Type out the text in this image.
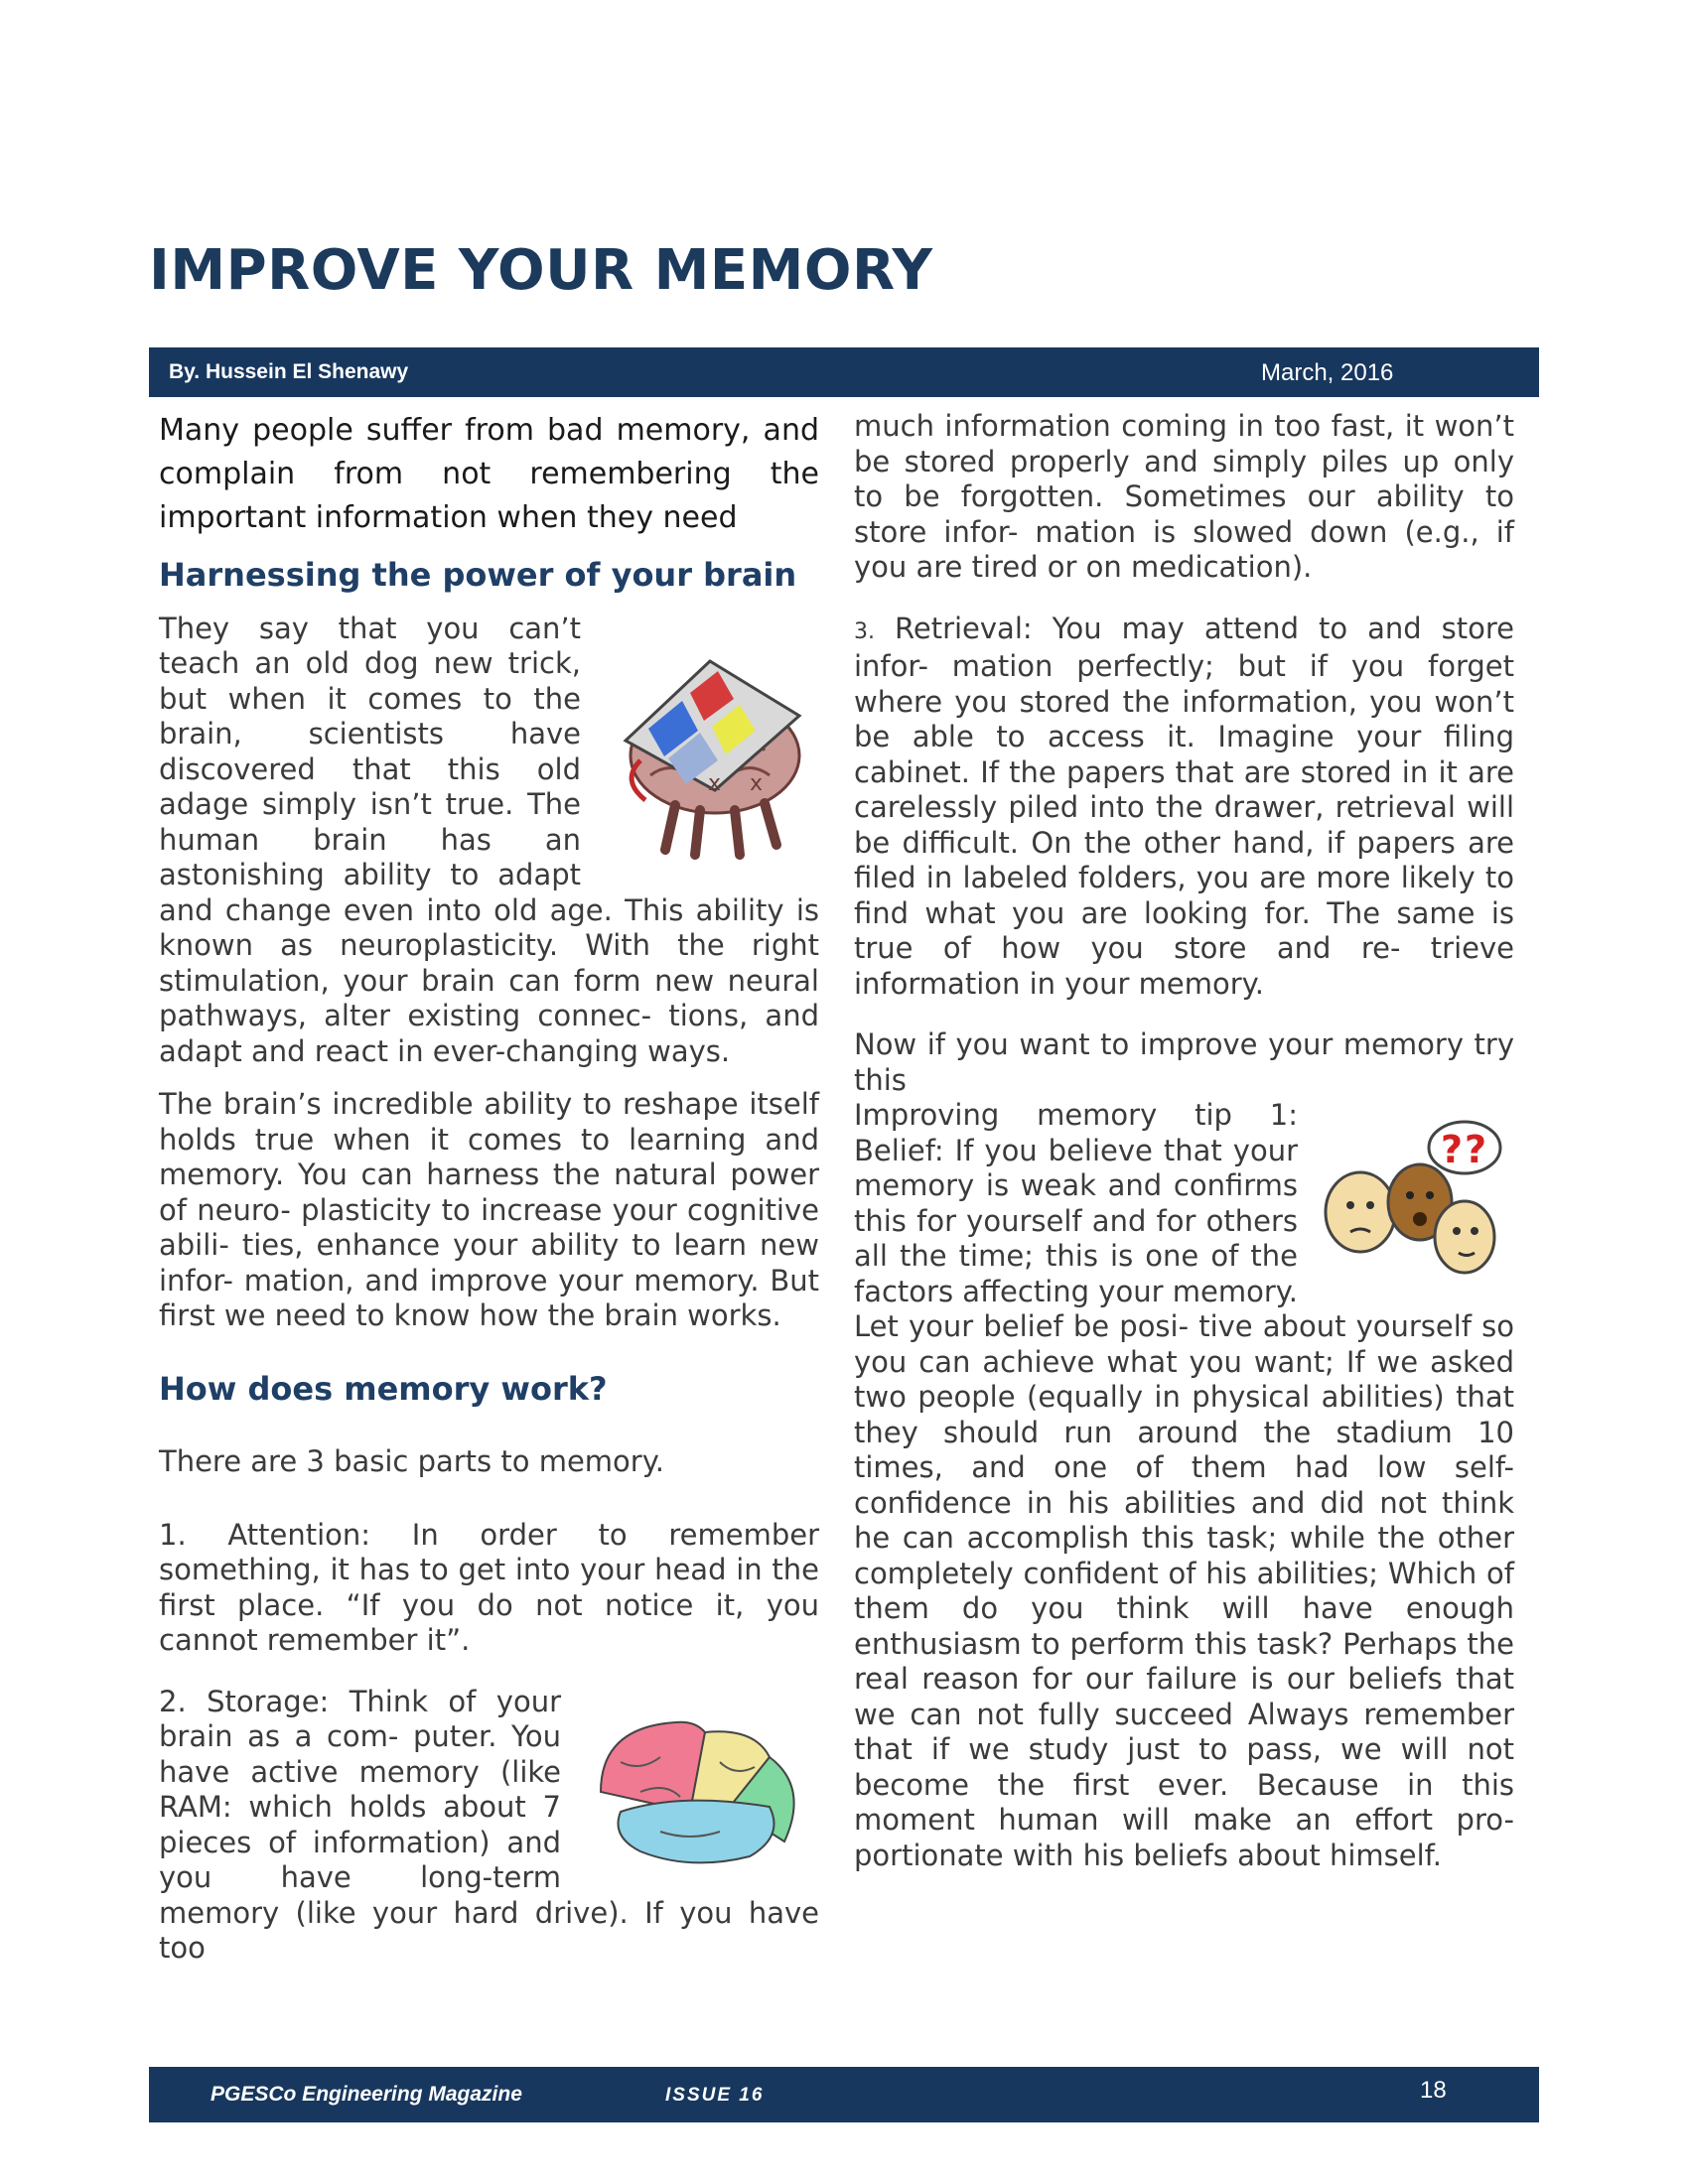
IMPROVE YOUR MEMORY
By. Hussein El Shenawy	March, 2016

Many people suffer from bad memory, and complain from not remembering the important information when they need

Harnessing the power of your brain
x x

They say that you can’t teach an old dog new trick, but when it comes to the brain, scientists have discovered that this old adage simply isn’t true. The human brain has an astonishing ability to adapt and change even into old age. This ability is known as neuroplasticity. With the right stimulation, your brain can form new neural pathways, alter existing connec- tions, and adapt and react in ever-changing ways.

The brain’s incredible ability to reshape itself holds true when it comes to learning and memory. You can harness the natural power of neuro- plasticity to increase your cognitive abili- ties, enhance your ability to learn new infor- mation, and improve your memory. But first we need to know how the brain works.

How does memory work?

There are 3 basic parts to memory.

1. Attention: In order to remember something, it has to get into your head in the first place. “If you do not notice it, you cannot remember it”.

2. Storage: Think of your brain as a com- puter. You have active memory (like RAM: which holds about 7 pieces of information) and you have long-term memory (like your hard drive). If you have too

much information coming in too fast, it won’t be stored properly and simply piles up only to be forgotten. Sometimes our ability to store infor- mation is slowed down (e.g., if you are tired or on medication).

3. Retrieval: You may attend to and store infor- mation perfectly; but if you forget where you stored the information, you won’t be able to access it. Imagine your filing cabinet. If the papers that are stored in it are carelessly piled into the drawer, retrieval will be difficult. On the other hand, if papers are filed in labeled folders, you are more likely to find what you are looking for. The same is true of how you store and re- trieve information in your memory.

Now if you want to improve your memory try this

? ?

Improving memory tip 1: Belief: If you believe that your memory is weak and confirms this for yourself and for others all the time; this is one of the factors affecting your memory. Let your belief be posi- tive about yourself so you can achieve what you want; If we asked two people (equally in physical abilities) that they should run around the stadium 10 times, and one of them had low self-confidence in his abilities and did not think he can accomplish this task; while the other completely confident of his abilities; Which of them do you think will have enough enthusiasm to perform this task? Perhaps the real reason for our failure is our beliefs that we can not fully succeed Always remember that if we study just to pass, we will not become the first ever. Because in this moment human will make an effort pro- portionate with his beliefs about himself.

PGESCo Engineering Magazine	ISSUE 16	18
